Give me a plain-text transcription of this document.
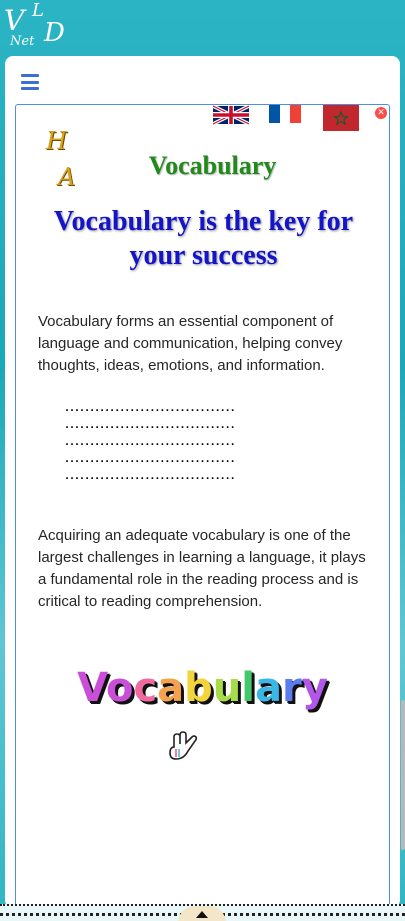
V L
D
Net
✕
H
A	Vocabulary
Vocabulary is the key for your success

Vocabulary forms an essential component of language and communication, helping convey thoughts, ideas, emotions, and information.

..................................
..................................
..................................
..................................
..................................

Acquiring an adequate vocabulary is one of the largest challenges in learning a language, it plays a fundamental role in the reading process and is critical to reading comprehension.

Vocabulary
